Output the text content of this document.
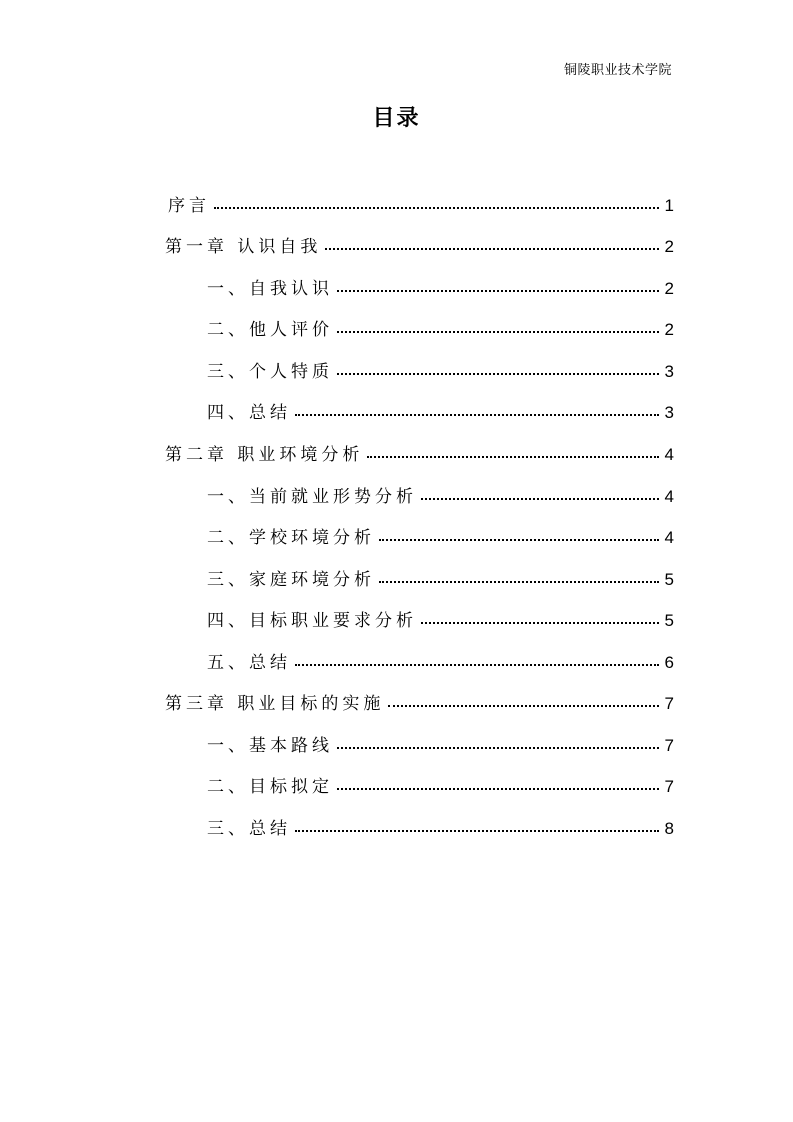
铜陵职业技术学院
目录
序言	1
第一章 认识自我	2
一、自我认识	2
二、他人评价	2
三、个人特质	3
四、总结	3
第二章 职业环境分析	4
一、当前就业形势分析	4
二、学校环境分析	4
三、家庭环境分析	5
四、目标职业要求分析	5
五、总结	6
第三章 职业目标的实施	7
一、基本路线	7
二、目标拟定	7
三、总结	8
